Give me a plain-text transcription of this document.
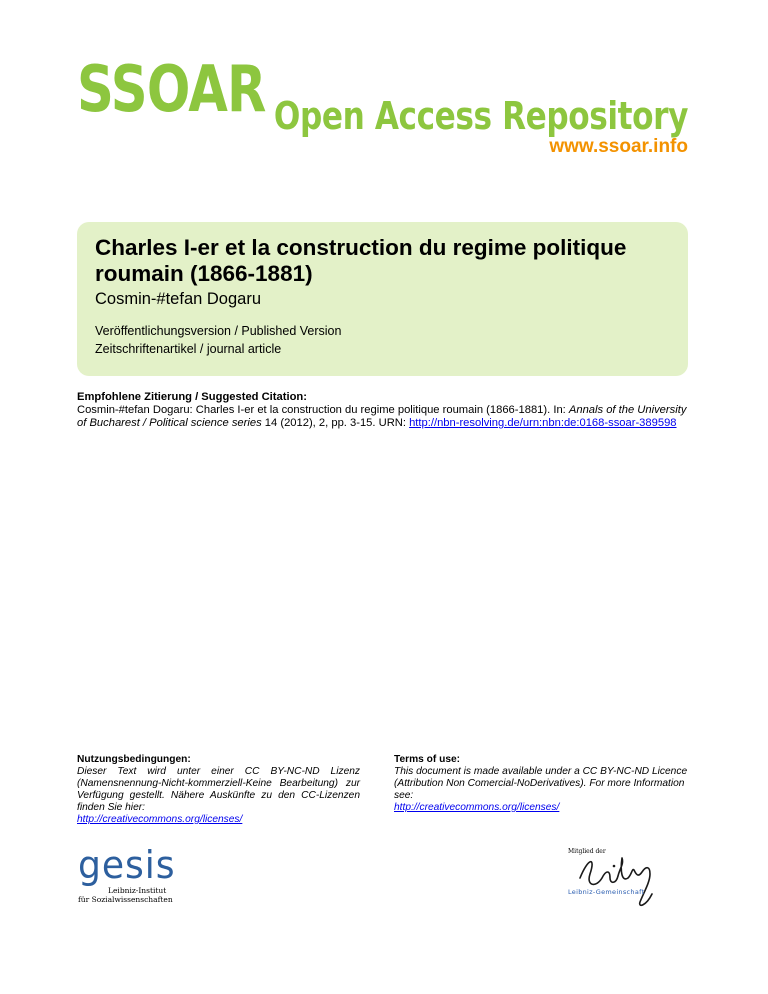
SSOAR Open Access Repository
www.ssoar.info
Charles I-er et la construction du regime politique roumain (1866-1881)
Cosmin-#tefan Dogaru
Veröffentlichungsversion / Published Version
Zeitschriftenartikel / journal article
Empfohlene Zitierung / Suggested Citation:
Cosmin-#tefan Dogaru: Charles I-er et la construction du regime politique roumain (1866-1881). In: Annals of the University of Bucharest / Political science series 14 (2012), 2, pp. 3-15. URN: http://nbn-resolving.de/urn:nbn:de:0168-ssoar-389598
Nutzungsbedingungen:
Dieser Text wird unter einer CC BY-NC-ND Lizenz (Namensnennung-Nicht-kommerziell-Keine Bearbeitung) zur Verfügung gestellt. Nähere Auskünfte zu den CC-Lizenzen finden Sie hier:
http://creativecommons.org/licenses/
Terms of use:
This document is made available under a CC BY-NC-ND Licence (Attribution Non Comercial-NoDerivatives). For more Information see:
http://creativecommons.org/licenses/
gesis
Leibniz-Institut
für Sozialwissenschaften
Mitglied der
Leibniz-Gemeinschaft
